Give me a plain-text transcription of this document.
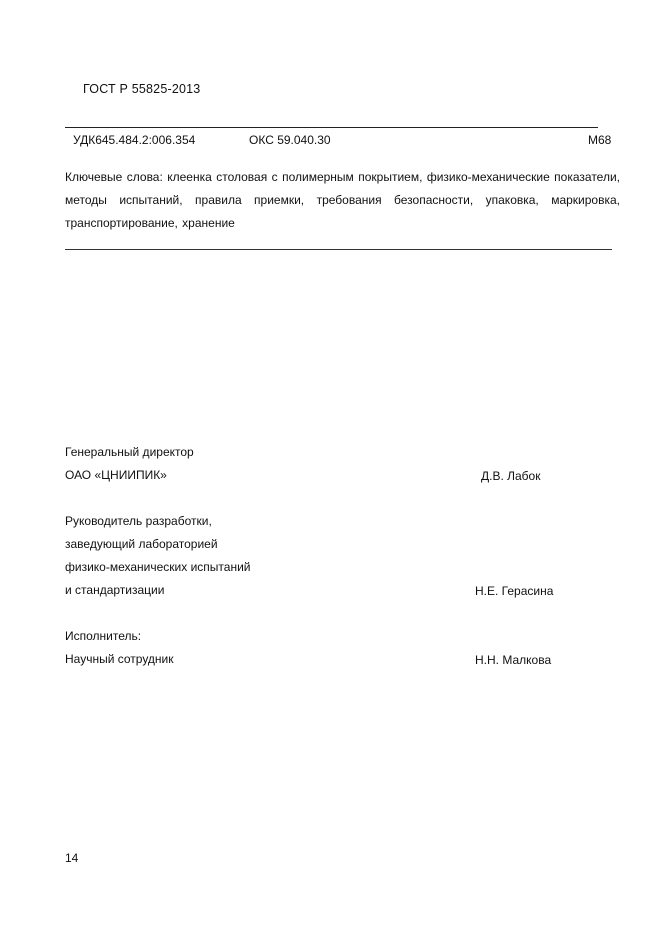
ГОСТ Р 55825-2013
УДК645.484.2:006.354	ОКС 59.040.30	М68
Ключевые слова: клеенка столовая с полимерным покрытием, физико-механические показатели, методы испытаний, правила приемки, требования безопасности, упаковка, маркировка, транспортирование, хранение
Генеральный директор
ОАО «ЦНИИПИК»	Д.В. Лабок
Руководитель разработки,
заведующий лабораторией
физико-механических испытаний
и стандартизации	Н.Е. Герасина
Исполнитель:
Научный сотрудник	Н.Н. Малкова
14
